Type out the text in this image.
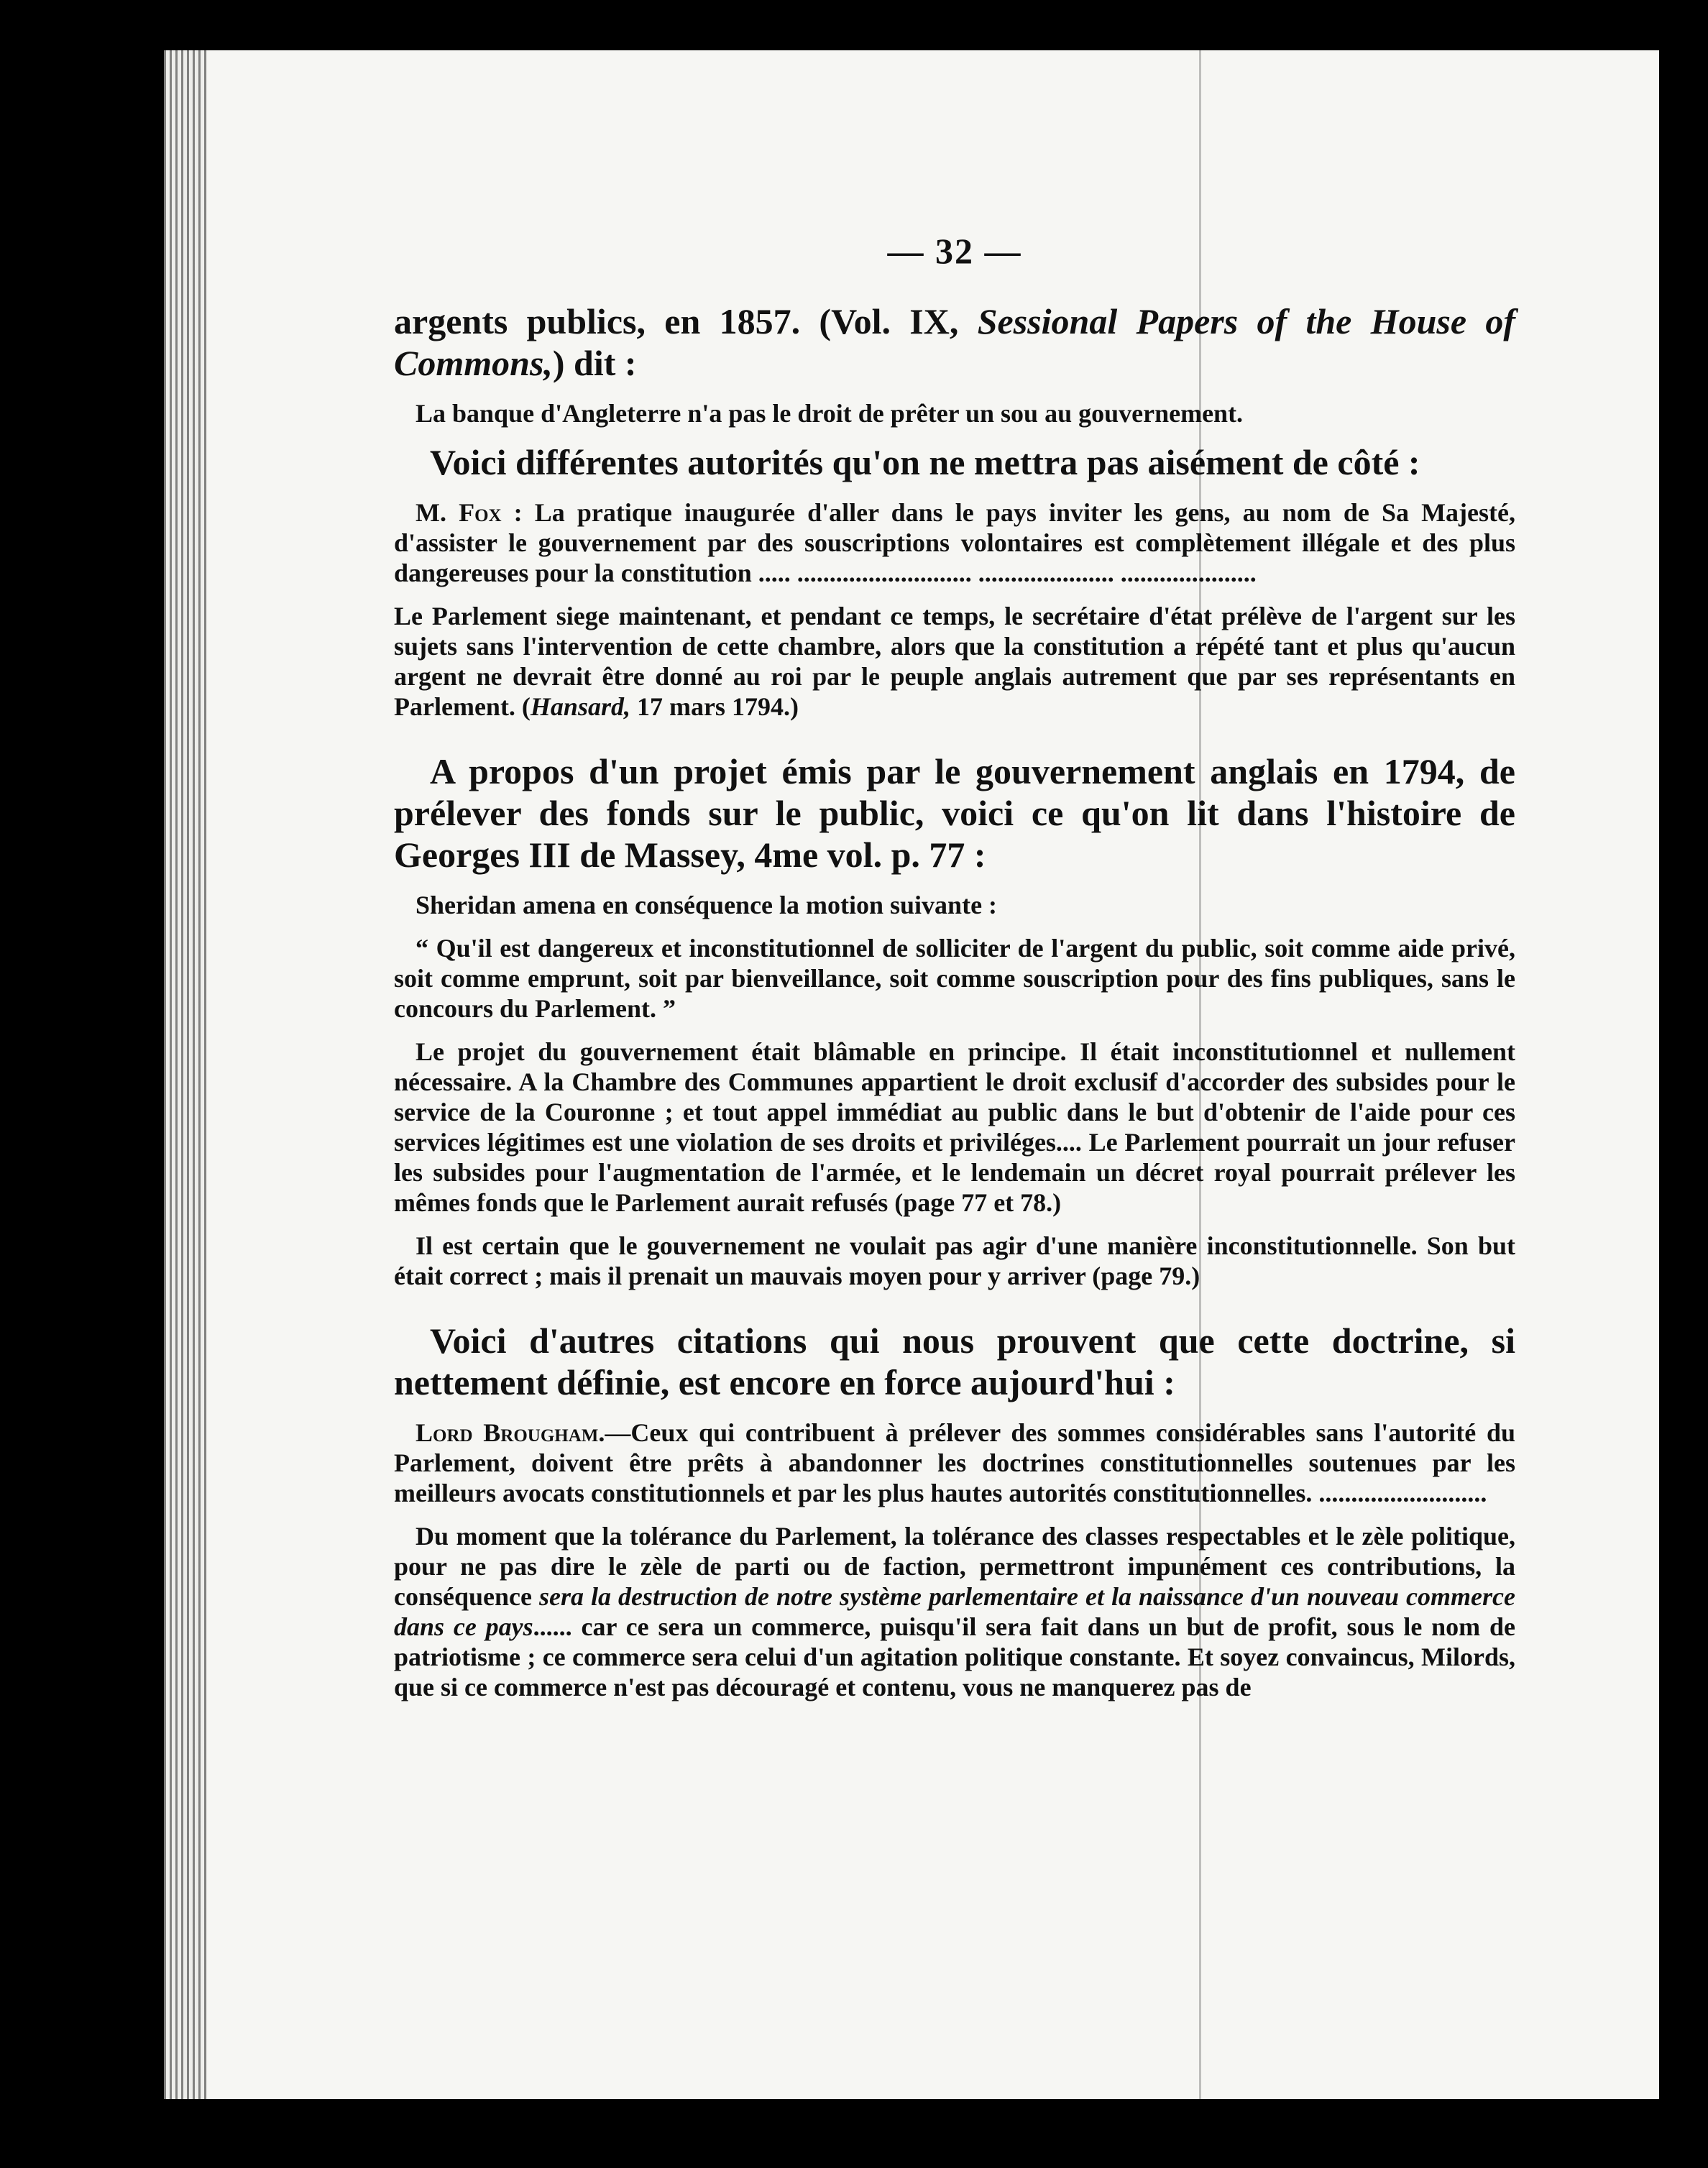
— 32 —

argents publics, en 1857. (Vol. IX, Sessional Papers of the House of Commons,) dit :

La banque d'Angleterre n'a pas le droit de prêter un sou au gouvernement.

Voici différentes autorités qu'on ne mettra pas aisément de côté :

M. Fox : La pratique inaugurée d'aller dans le pays inviter les gens, au nom de Sa Majesté, d'assister le gouvernement par des souscriptions volontaires est complètement illégale et des plus dangereuses pour la constitution ..... ........................... ..................... .....................

Le Parlement siege maintenant, et pendant ce temps, le secrétaire d'état prélève de l'argent sur les sujets sans l'intervention de cette chambre, alors que la constitution a répété tant et plus qu'aucun argent ne devrait être donné au roi par le peuple anglais autrement que par ses représentants en Parlement. (Hansard, 17 mars 1794.)

A propos d'un projet émis par le gouvernement anglais en 1794, de prélever des fonds sur le public, voici ce qu'on lit dans l'histoire de Georges III de Massey, 4me vol. p. 77 :

Sheridan amena en conséquence la motion suivante :

“ Qu'il est dangereux et inconstitutionnel de solliciter de l'argent du public, soit comme aide privé, soit comme emprunt, soit par bienveillance, soit comme souscription pour des fins publiques, sans le concours du Parlement. ”

Le projet du gouvernement était blâmable en principe. Il était inconstitutionnel et nullement nécessaire. A la Chambre des Communes appartient le droit exclusif d'accorder des subsides pour le service de la Couronne ; et tout appel immédiat au public dans le but d'obtenir de l'aide pour ces services légitimes est une violation de ses droits et priviléges.... Le Parlement pourrait un jour refuser les subsides pour l'augmentation de l'armée, et le lendemain un décret royal pourrait prélever les mêmes fonds que le Parlement aurait refusés (page 77 et 78.)

Il est certain que le gouvernement ne voulait pas agir d'une manière inconstitutionnelle. Son but était correct ; mais il prenait un mauvais moyen pour y arriver (page 79.)

Voici d'autres citations qui nous prouvent que cette doctrine, si nettement définie, est encore en force aujourd'hui :

Lord Brougham.—Ceux qui contribuent à prélever des sommes considérables sans l'autorité du Parlement, doivent être prêts à abandonner les doctrines constitutionnelles soutenues par les meilleurs avocats constitutionnels et par les plus hautes autorités constitutionnelles. ..........................

Du moment que la tolérance du Parlement, la tolérance des classes respectables et le zèle politique, pour ne pas dire le zèle de parti ou de faction, permettront impunément ces contributions, la conséquence sera la destruction de notre système parlementaire et la naissance d'un nouveau commerce dans ce pays...... car ce sera un commerce, puisqu'il sera fait dans un but de profit, sous le nom de patriotisme ; ce commerce sera celui d'un agitation politique constante. Et soyez convaincus, Milords, que si ce commerce n'est pas découragé et contenu, vous ne manquerez pas de
